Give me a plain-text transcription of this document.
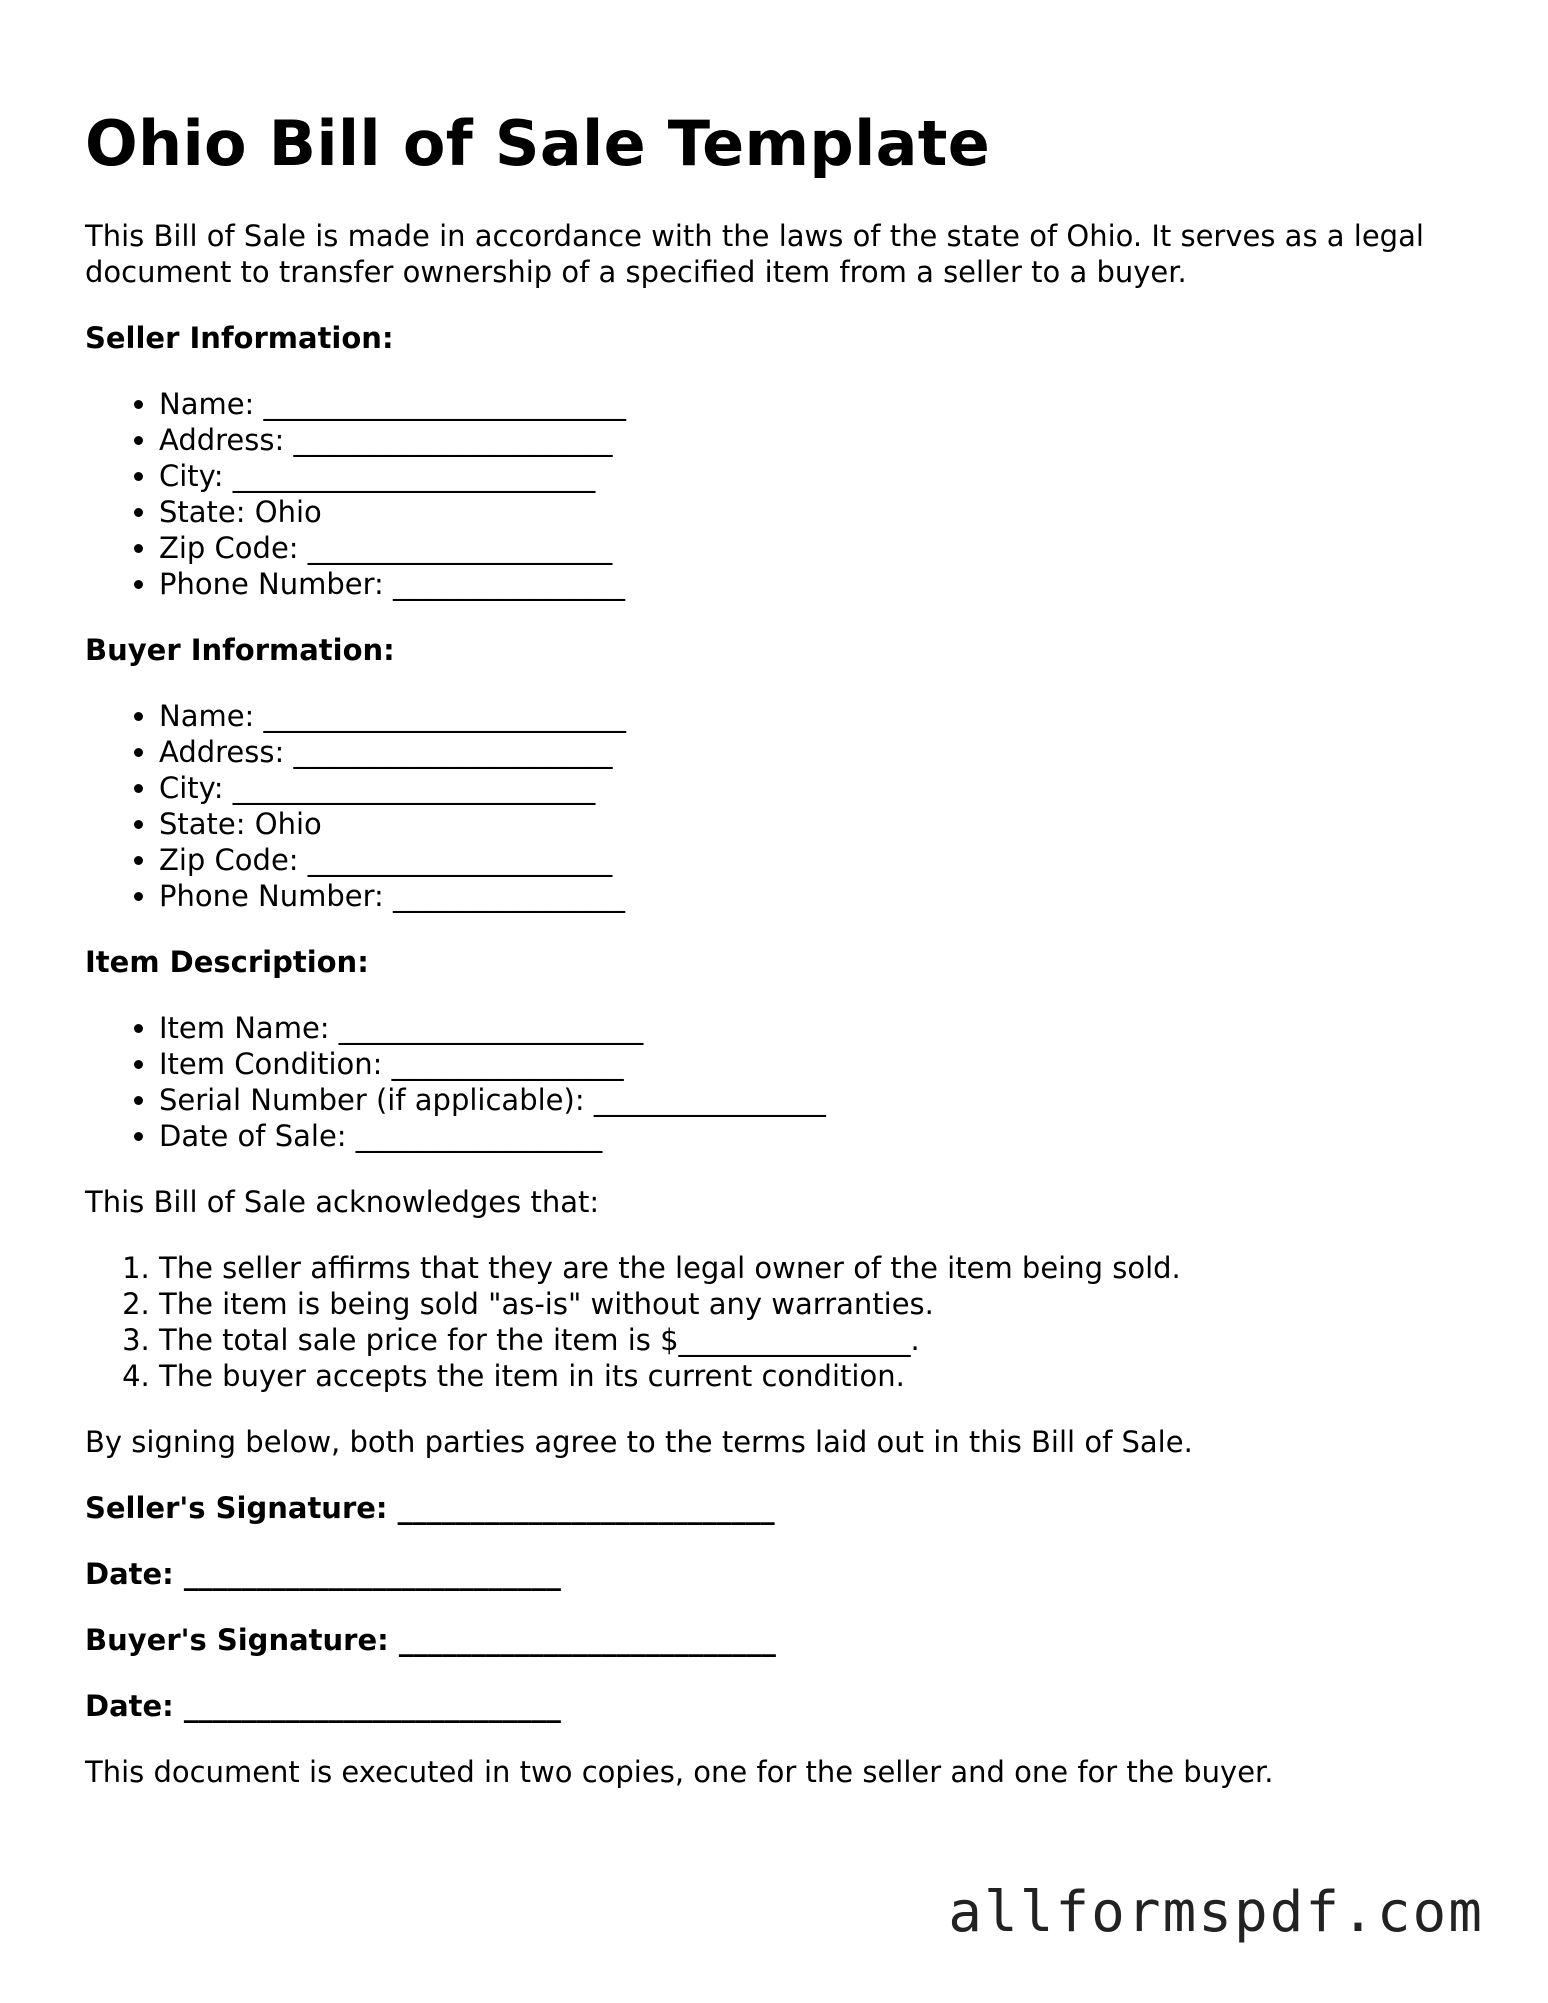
Ohio Bill of Sale Template

This Bill of Sale is made in accordance with the laws of the state of Ohio. It serves as a legal document to transfer ownership of a specified item from a seller to a buyer.

Seller Information:

• Name: _________________________
• Address: ______________________
• City: _________________________
• State: Ohio
• Zip Code: _____________________
• Phone Number: ________________

Buyer Information:

• Name: _________________________
• Address: ______________________
• City: _________________________
• State: Ohio
• Zip Code: _____________________
• Phone Number: ________________

Item Description:

• Item Name: _____________________
• Item Condition: ________________
• Serial Number (if applicable): ________________
• Date of Sale: _________________

This Bill of Sale acknowledges that:

1. The seller affirms that they are the legal owner of the item being sold.
2. The item is being sold "as-is" without any warranties.
3. The total sale price for the item is $________________.
4. The buyer accepts the item in its current condition.

By signing below, both parties agree to the terms laid out in this Bill of Sale.

Seller's Signature: __________________________

Date: __________________________

Buyer's Signature: __________________________

Date: __________________________

This document is executed in two copies, one for the seller and one for the buyer.

allformspdf.com
